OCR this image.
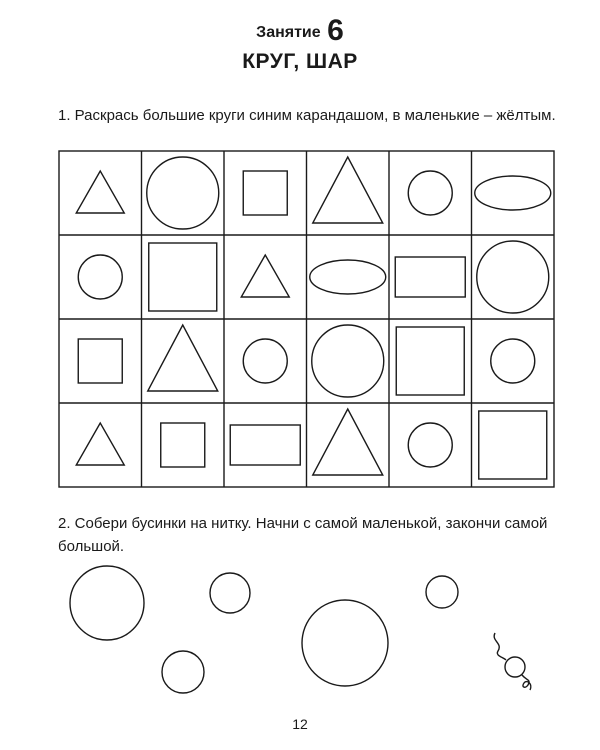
Занятие 6
КРУГ, ШАР
1. Раскрась большие круги синим карандашом, в маленькие – жёлтым.
2. Собери бусинки на нитку. Начни с самой маленькой, закончи самой большой.
12
